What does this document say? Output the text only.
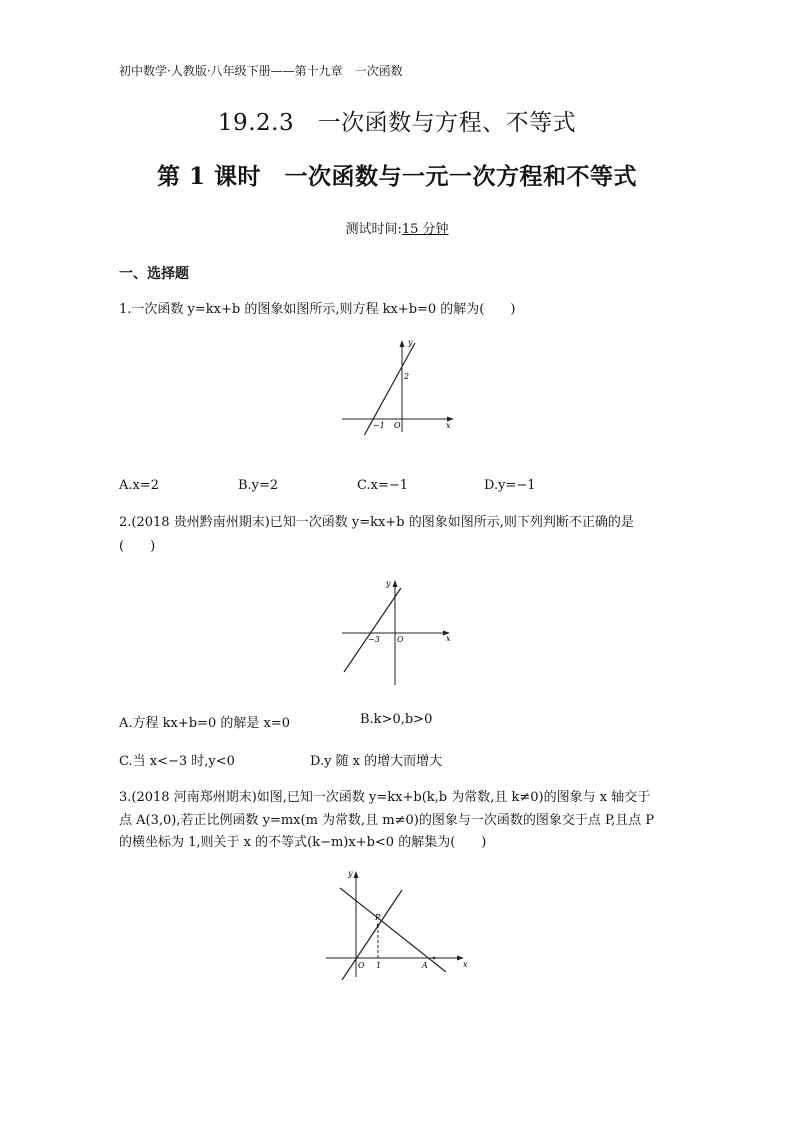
初中数学·人教版·八年级下册——第十九章　一次函数
19.2.3　一次函数与方程、不等式
第 1 课时　一次函数与一元一次方程和不等式
测试时间:15 分钟
一、选择题
1.一次函数 y=kx+b 的图象如图所示,则方程 kx+b=0 的解为(　　)
y
x
O
−1
2
A.x=2	B.y=2	C.x=−1	D.y=−1
2.(2018 贵州黔南州期末)已知一次函数 y=kx+b 的图象如图所示,则下列判断不正确的是
(　　)
y
x
O
−3
A.方程 kx+b=0 的解是 x=0	B.k>0,b>0
C.当 x<−3 时,y<0	D.y 随 x 的增大而增大
3.(2018 河南郑州期末)如图,已知一次函数 y=kx+b(k,b 为常数,且 k≠0)的图象与 x 轴交于
点 A(3,0),若正比例函数 y=mx(m 为常数,且 m≠0)的图象与一次函数的图象交于点 P,且点 P
的横坐标为 1,则关于 x 的不等式(k−m)x+b<0 的解集为(　　)
y
x
O 1
P
A
